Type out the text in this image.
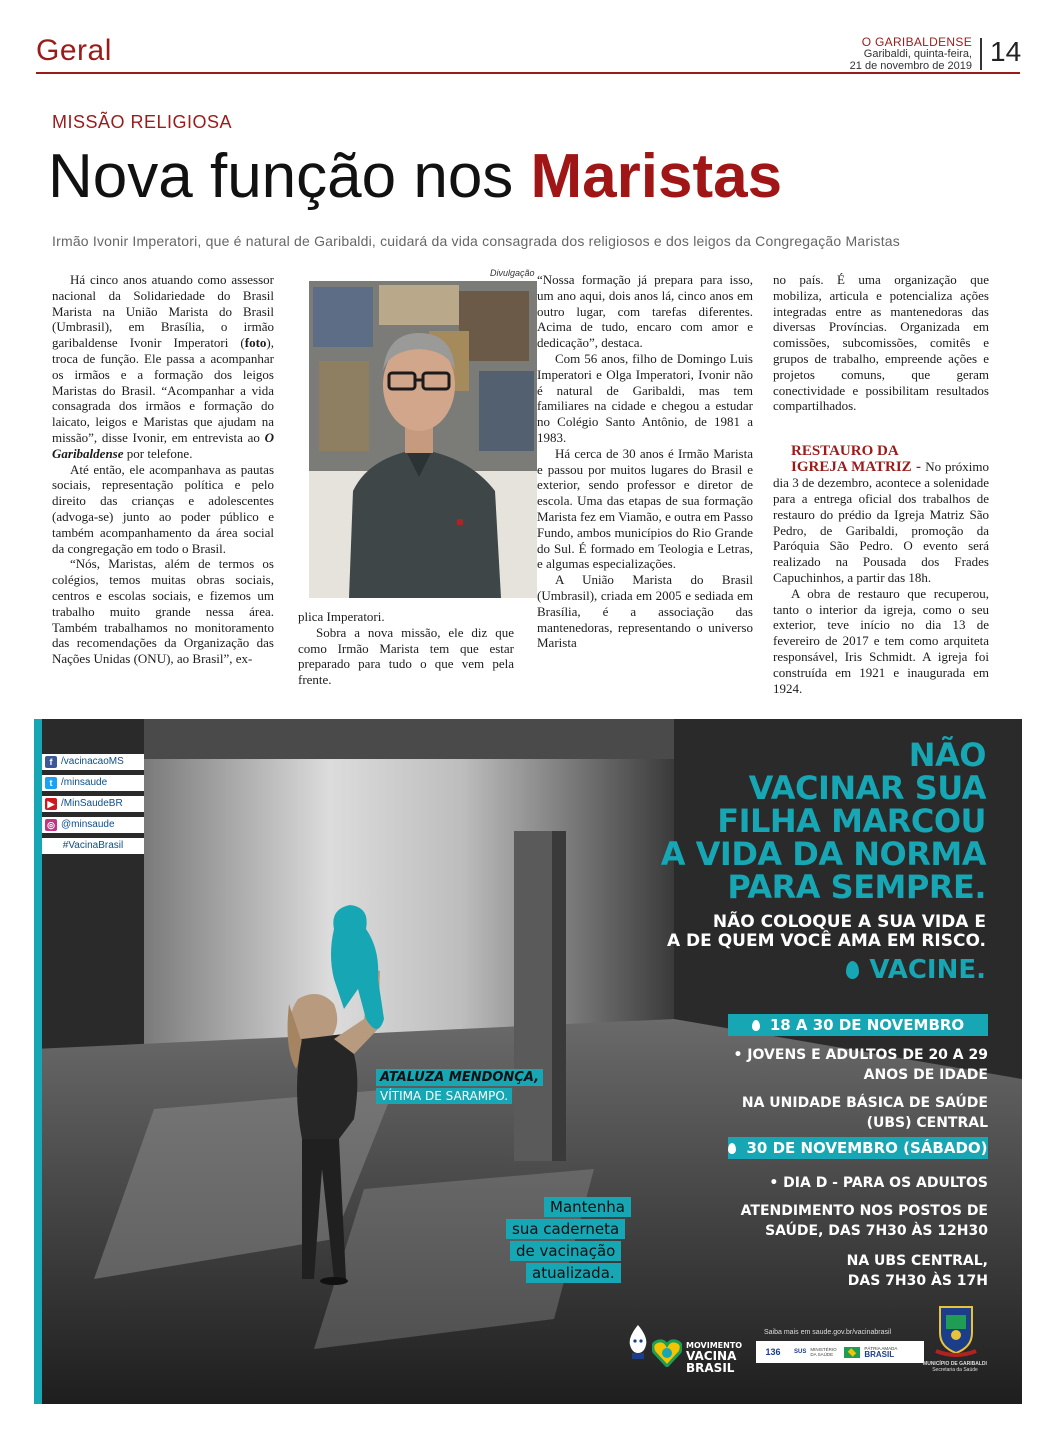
Geral	O GARIBALDENSE
Garibaldi, quinta-feira,
21 de novembro de 2019 14
MISSÃO RELIGIOSA
Nova função nos Maristas
Irmão Ivonir Imperatori, que é natural de Garibaldi, cuidará da vida consagrada dos religiosos e dos leigos da Congregação Maristas

Há cinco anos atuando como assessor nacional da Solidariedade do Brasil Marista na União Marista do Brasil (Umbrasil), em Brasília, o irmão garibaldense Ivonir Imperatori (foto), troca de função. Ele passa a acompanhar os irmãos e a formação dos leigos Maristas do Brasil. “Acompanhar a vida consagrada dos irmãos e formação do laicato, leigos e Maristas que ajudam na missão”, disse Ivonir, em entrevista ao O Garibaldense por telefone.

Até então, ele acompanhava as pautas sociais, representação política e pelo direito das crianças e adolescentes (advoga-se) junto ao poder público e também acompanhamento da área social da congregação em todo o Brasil.

“Nós, Maristas, além de termos os colégios, temos muitas obras sociais, centros e escolas sociais, e fizemos um trabalho muito grande nessa área. Também trabalhamos no monitoramento das recomendações da Organização das Nações Unidas (ONU), ao Brasil”, ex-

Divulgação

plica Imperatori.

Sobra a nova missão, ele diz que como Irmão Marista tem que estar preparado para tudo o que vem pela frente.

“Nossa formação já prepara para isso, um ano aqui, dois anos lá, cinco anos em outro lugar, com tarefas diferentes. Acima de tudo, encaro com amor e dedicação”, destaca.

Com 56 anos, filho de Domingo Luis Imperatori e Olga Imperatori, Ivonir não é natural de Garibaldi, mas tem familiares na cidade e chegou a estudar no Colégio Santo Antônio, de 1981 a 1983.

Há cerca de 30 anos é Irmão Marista e passou por muitos lugares do Brasil e exterior, sendo professor e diretor de escola. Uma das etapas de sua formação Marista fez em Viamão, e outra em Passo Fundo, ambos municípios do Rio Grande do Sul. É formado em Teologia e Letras, e algumas especializações.

A União Marista do Brasil (Umbrasil), criada em 2005 e sediada em Brasília, é a associação das mantenedoras, representando o universo Marista

no país. É uma organização que mobiliza, articula e potencializa ações integradas entre as mantenedoras das diversas Províncias. Organizada em comissões, subcomissões, comitês e grupos de trabalho, empreende ações e projetos comuns, que geram conectividade e possibilitam resultados compartilhados.

RESTAURO DA

IGREJA MATRIZ - No próximo dia 3 de dezembro, acontece a solenidade para a entrega oficial dos trabalhos de restauro do prédio da Igreja Matriz São Pedro, de Garibaldi, promoção da Paróquia São Pedro. O evento será realizado na Pousada dos Frades Capuchinhos, a partir das 18h.

A obra de restauro que recuperou, tanto o interior da igreja, como o seu exterior, teve início no dia 13 de fevereiro de 2017 e tem como arquiteta responsável, Iris Schmidt. A igreja foi construída em 1921 e inaugurada em 1924.

f /vacinacaoMS
t /minsaude
▶ /MinSaudeBR
◎ @minsaude
#VacinaBrasil
NÃO
VACINAR SUA
FILHA MARCOU
A VIDA DA NORMA
PARA SEMPRE.
NÃO COLOQUE A SUA VIDA E
A DE QUEM VOCÊ AMA EM RISCO.
VACINE.
18 A 30 DE NOVEMBRO
• JOVENS E ADULTOS DE 20 A 29
ANOS DE IDADE
NA UNIDADE BÁSICA DE SAÚDE
(UBS) CENTRAL
30 DE NOVEMBRO (SÁBADO)
• DIA D - PARA OS ADULTOS
ATENDIMENTO NOS POSTOS DE
SAÚDE, DAS 7H30 ÀS 12H30
NA UBS CENTRAL,
DAS 7H30 ÀS 17H
ATALUZA MENDONÇA,
VÍTIMA DE SARAMPO.
Mantenha
sua caderneta
de vacinação
atualizada.
MOVIMENTO
VACINA
BRASIL
Saiba mais em saude.gov.br/vacinabrasil
136	SUS MINISTÉRIO DA SAÚDE
PÁTRIA AMADA
BRASIL
MUNICÍPIO DE GARIBALDI
Secretaria da Saúde
